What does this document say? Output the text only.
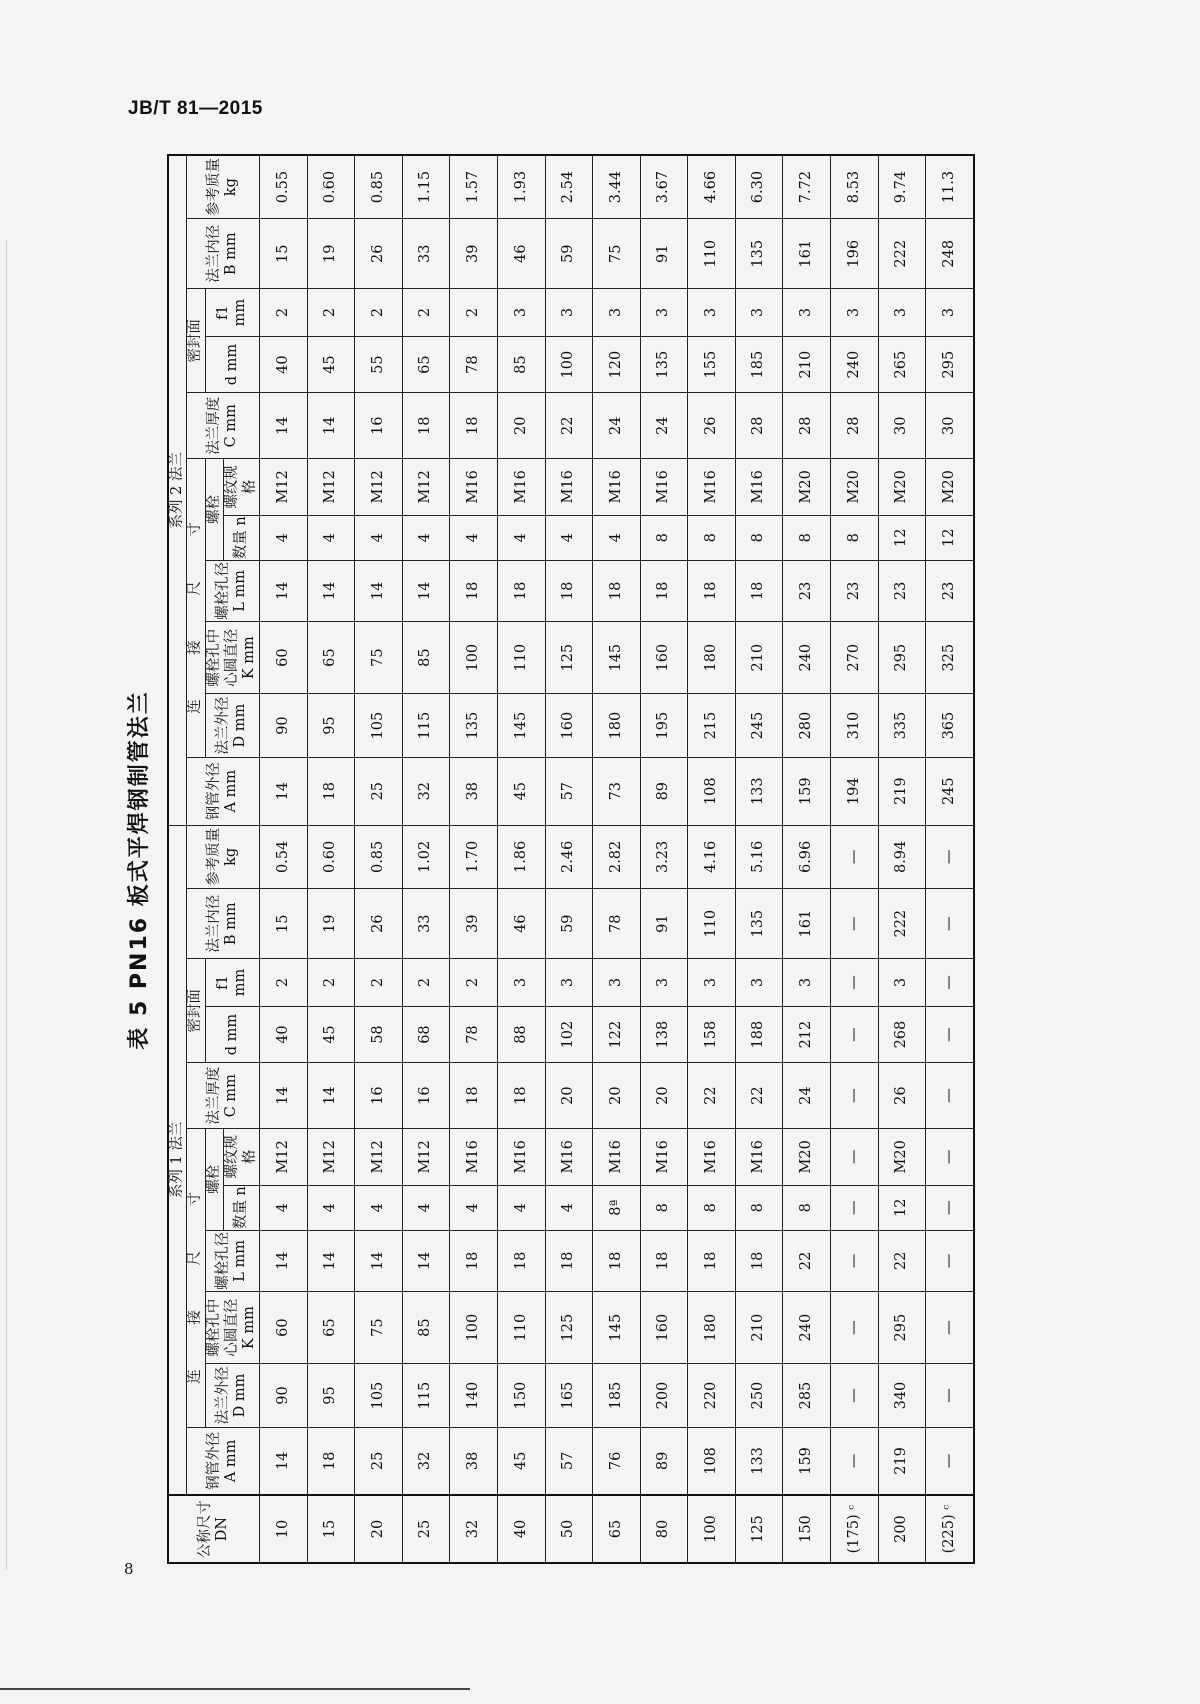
JB/T 81—2015
表 5 PN16 板式平焊钢制管法兰
公称尺寸 DN	系列 1 法兰											系列 2 法兰										
	钢管外径 A mm	连 接 尺 寸					法兰厚度 C mm	密封面		法兰内径 B mm	参考质量 kg	钢管外径 A mm	连 接 尺 寸					法兰厚度 C mm	密封面		法兰内径 B mm	参考质量 kg
		法兰外径 D mm	螺栓孔中心圆直径 K mm	螺栓孔径 L mm	螺栓			d mm	f1 mm				法兰外径 D mm	螺栓孔中心圆直径 K mm	螺栓孔径 L mm	螺栓			d mm	f1 mm		
					数量 n	螺纹规格										数量 n	螺纹规格					
10	14	90	60	14	4	M12	14	40	2	15	0.54	14	90	60	14	4	M12	14	40	2	15	0.55
15	18	95	65	14	4	M12	14	45	2	19	0.60	18	95	65	14	4	M12	14	45	2	19	0.60
20	25	105	75	14	4	M12	16	58	2	26	0.85	25	105	75	14	4	M12	16	55	2	26	0.85
25	32	115	85	14	4	M12	16	68	2	33	1.02	32	115	85	14	4	M12	18	65	2	33	1.15
32	38	140	100	18	4	M16	18	78	2	39	1.70	38	135	100	18	4	M16	18	78	2	39	1.57
40	45	150	110	18	4	M16	18	88	3	46	1.86	45	145	110	18	4	M16	20	85	3	46	1.93
50	57	165	125	18	4	M16	20	102	3	59	2.46	57	160	125	18	4	M16	22	100	3	59	2.54
65	76	185	145	18	8ª	M16	20	122	3	78	2.82	73	180	145	18	4	M16	24	120	3	75	3.44
80	89	200	160	18	8	M16	20	138	3	91	3.23	89	195	160	18	8	M16	24	135	3	91	3.67
100	108	220	180	18	8	M16	22	158	3	110	4.16	108	215	180	18	8	M16	26	155	3	110	4.66
125	133	250	210	18	8	M16	22	188	3	135	5.16	133	245	210	18	8	M16	28	185	3	135	6.30
150	159	285	240	22	8	M20	24	212	3	161	6.96	159	280	240	23	8	M20	28	210	3	161	7.72
(175) ᶜ	—	—	—	—	—	—	—	—	—	—	—	194	310	270	23	8	M20	28	240	3	196	8.53
200	219	340	295	22	12	M20	26	268	3	222	8.94	219	335	295	23	12	M20	30	265	3	222	9.74
(225) ᶜ	—	—	—	—	—	—	—	—	—	—	—	245	365	325	23	12	M20	30	295	3	248	11.3
8
